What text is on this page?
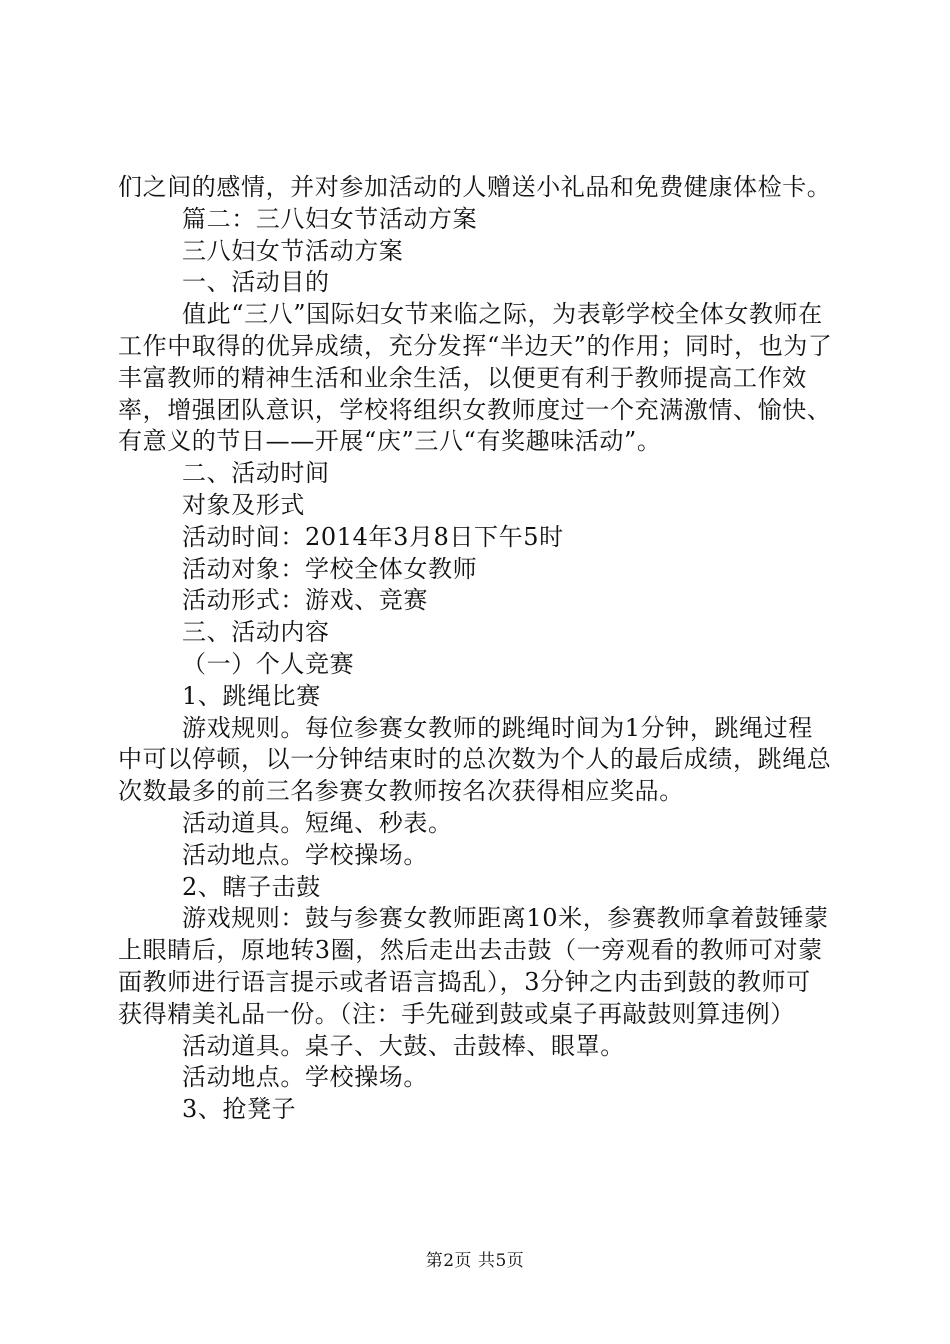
们之间的感情，并对参加活动的人赠送小礼品和免费健康体检卡。

篇二：三八妇女节活动方案

三八妇女节活动方案

一、活动目的

值此“三八”国际妇女节来临之际，为表彰学校全体女教师在工作中取得的优异成绩，充分发挥“半边天”的作用；同时，也为了丰富教师的精神生活和业余生活，以便更有利于教师提高工作效率，增强团队意识，学校将组织女教师度过一个充满激情、愉快、有意义的节日——开展“庆”三八“有奖趣味活动”。

二、活动时间

对象及形式

活动时间：2014年3月8日下午5时

活动对象：学校全体女教师

活动形式：游戏、竞赛

三、活动内容

（一）个人竞赛

1、跳绳比赛

游戏规则。每位参赛女教师的跳绳时间为1分钟，跳绳过程中可以停顿，以一分钟结束时的总次数为个人的最后成绩，跳绳总次数最多的前三名参赛女教师按名次获得相应奖品。

活动道具。短绳、秒表。

活动地点。学校操场。

2、瞎子击鼓

游戏规则：鼓与参赛女教师距离10米，参赛教师拿着鼓锤蒙上眼睛后，原地转3圈，然后走出去击鼓（一旁观看的教师可对蒙面教师进行语言提示或者语言捣乱），3分钟之内击到鼓的教师可获得精美礼品一份。（注：手先碰到鼓或桌子再敲鼓则算违例）

活动道具。桌子、大鼓、击鼓棒、眼罩。

活动地点。学校操场。

3、抢凳子

第2页 共5页
